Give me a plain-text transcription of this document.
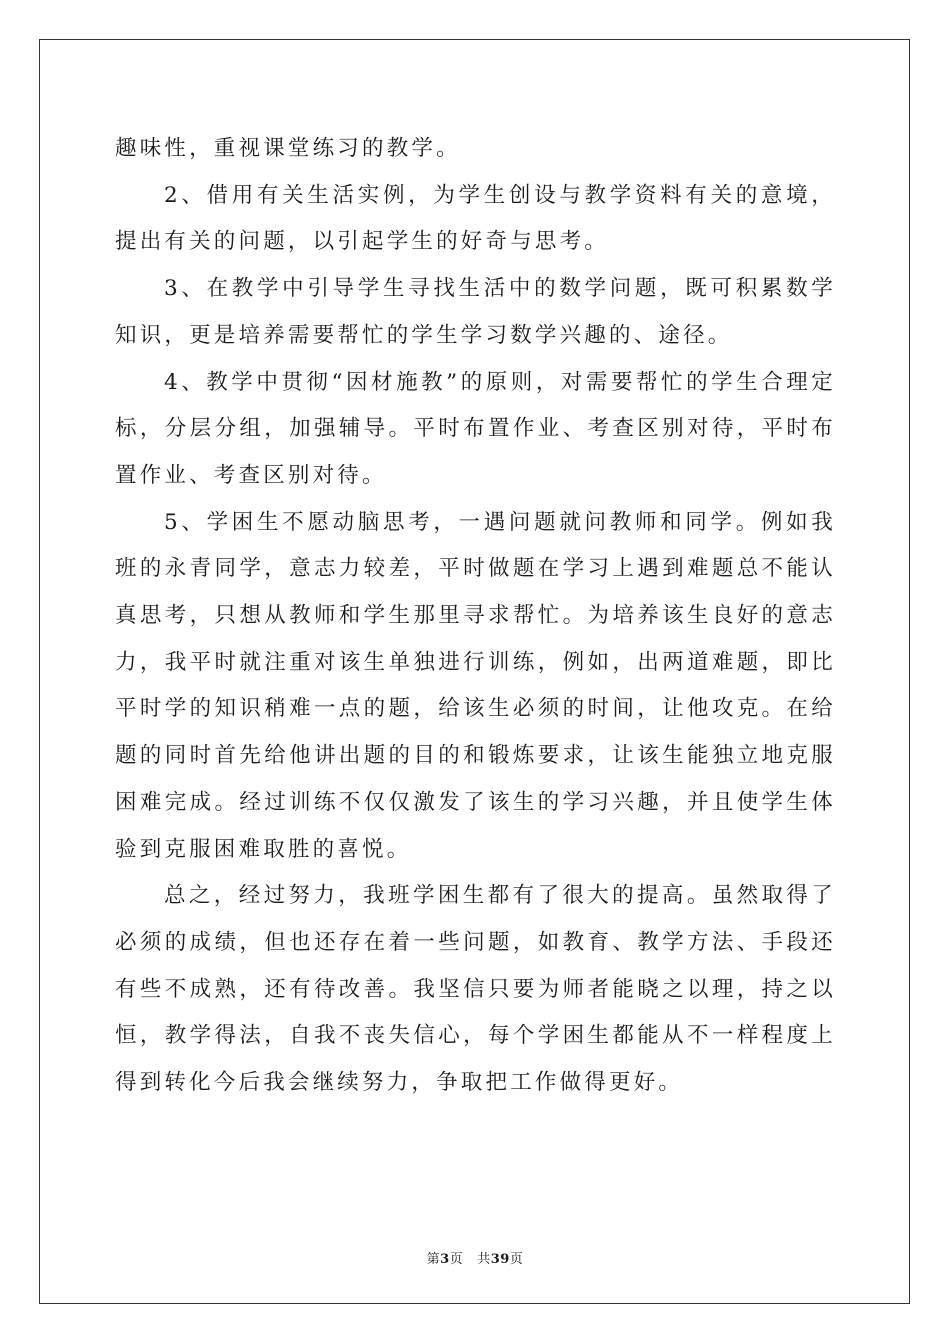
趣味性，重视课堂练习的教学。

2、借用有关生活实例，为学生创设与教学资料有关的意境，提出有关的问题，以引起学生的好奇与思考。

3、在教学中引导学生寻找生活中的数学问题，既可积累数学知识，更是培养需要帮忙的学生学习数学兴趣的、途径。

4、教学中贯彻“因材施教”的原则，对需要帮忙的学生合理定标，分层分组，加强辅导。平时布置作业、考查区别对待，平时布置作业、考查区别对待。

5、学困生不愿动脑思考，一遇问题就问教师和同学。例如我班的永青同学，意志力较差，平时做题在学习上遇到难题总不能认真思考，只想从教师和学生那里寻求帮忙。为培养该生良好的意志力，我平时就注重对该生单独进行训练，例如，出两道难题，即比平时学的知识稍难一点的题，给该生必须的时间，让他攻克。在给题的同时首先给他讲出题的目的和锻炼要求，让该生能独立地克服困难完成。经过训练不仅仅激发了该生的学习兴趣，并且使学生体验到克服困难取胜的喜悦。

总之，经过努力，我班学困生都有了很大的提高。虽然取得了必须的成绩，但也还存在着一些问题，如教育、教学方法、手段还有些不成熟，还有待改善。我坚信只要为师者能晓之以理，持之以恒，教学得法，自我不丧失信心，每个学困生都能从不一样程度上得到转化今后我会继续努力，争取把工作做得更好。

第3页 共39页
